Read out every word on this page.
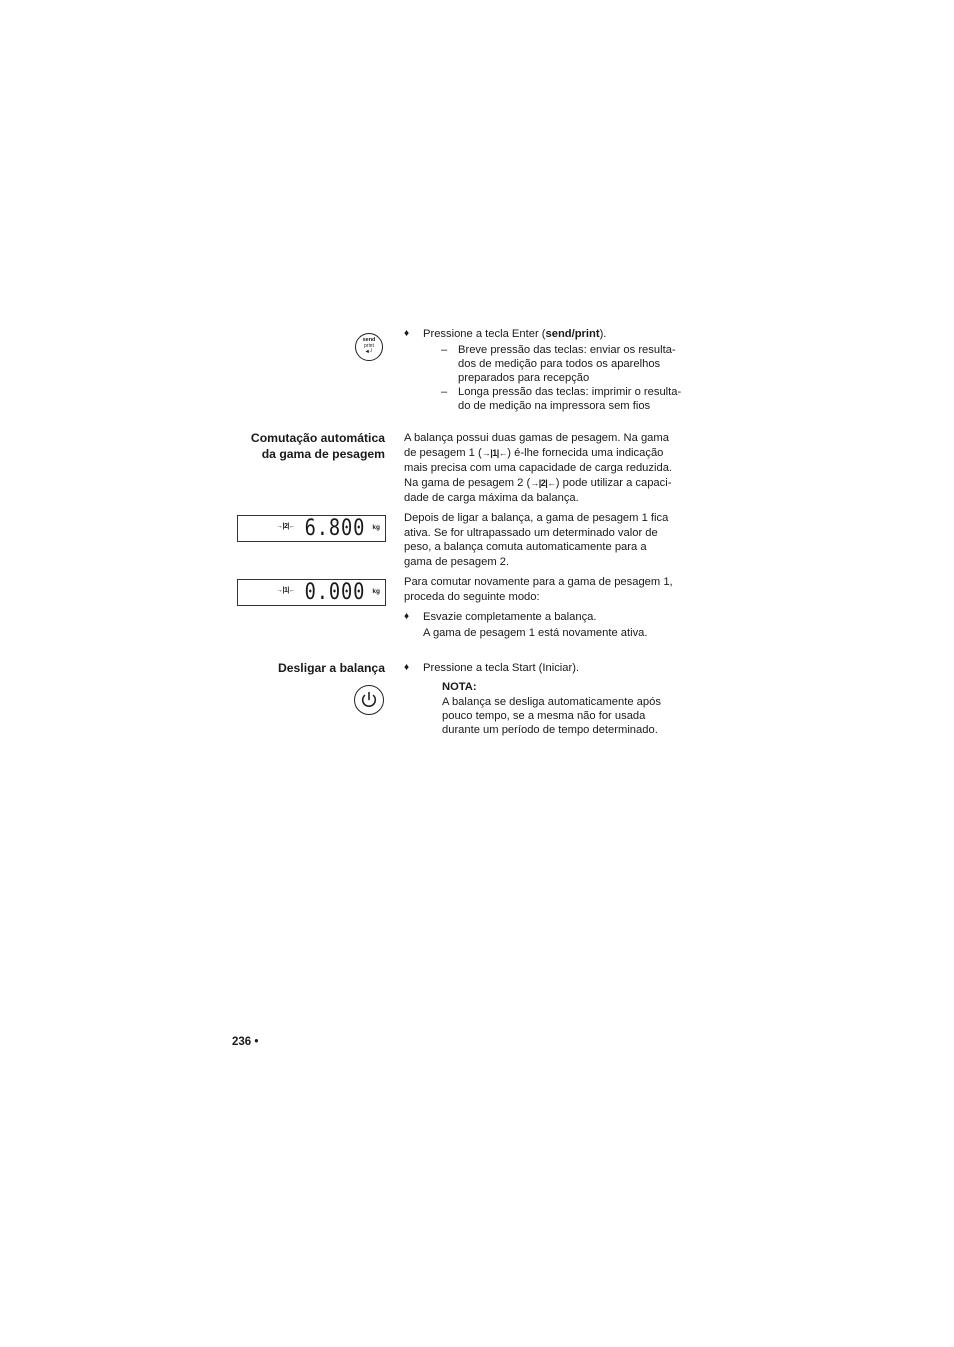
send
print
◄┘
♦ Pressione a tecla Enter (send/print).
– Breve pressão das teclas: enviar os resulta-
dos de medição para todos os aparelhos
preparados para recepção
– Longa pressão das teclas: imprimir o resulta-
do de medição na impressora sem fios
Comutação automática
da gama de pesagem
A balança possui duas gamas de pesagem. Na gama
de pesagem 1 (→|1|←) é-lhe fornecida uma indicação
mais precisa com uma capacidade de carga reduzida.
Na gama de pesagem 2 (→|2|←) pode utilizar a capaci-
dade de carga máxima da balança.
Depois de ligar a balança, a gama de pesagem 1 fica
ativa. Se for ultrapassado um determinado valor de
peso, a balança comuta automaticamente para a
gama de pesagem 2.
Para comutar novamente para a gama de pesagem 1,
proceda do seguinte modo:
♦ Esvazie completamente a balança.
A gama de pesagem 1 está novamente ativa.
→|2|← 6.800 kg
→|1|← 0.000 kg
Desligar a balança ♦ Pressione a tecla Start (Iniciar).
NOTA:
A balança se desliga automaticamente após
pouco tempo, se a mesma não for usada
durante um período de tempo determinado.
236 •
